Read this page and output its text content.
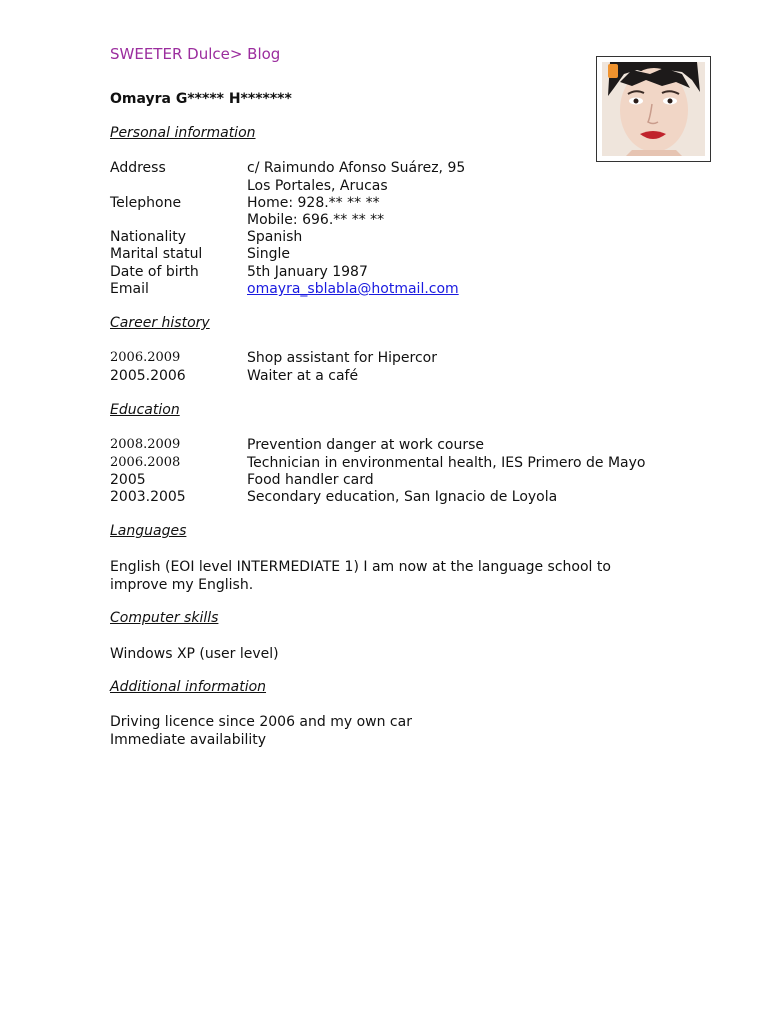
SWEETER Dulce> Blog
Omayra G***** H*******
Personal information
Address	c/ Raimundo Afonso Suárez, 95
Los Portales, Arucas
Telephone	Home: 928.** ** **
Mobile: 696.** ** **
Nationality	Spanish
Marital statul	Single
Date of birth	5th January 1987
Email	omayra_sblabla@hotmail.com
Career history
2006.2009	Shop assistant for Hipercor
2005.2006	Waiter at a café
Education
2008.2009	Prevention danger at work course
2006.2008	Technician in environmental health, IES Primero de Mayo
2005	Food handler card
2003.2005	Secondary education, San Ignacio de Loyola
Languages
English (EOI level INTERMEDIATE 1) I am now at the language school to
improve my English.
Computer skills
Windows XP (user level)
Additional information
Driving licence since 2006 and my own car
Immediate availability
